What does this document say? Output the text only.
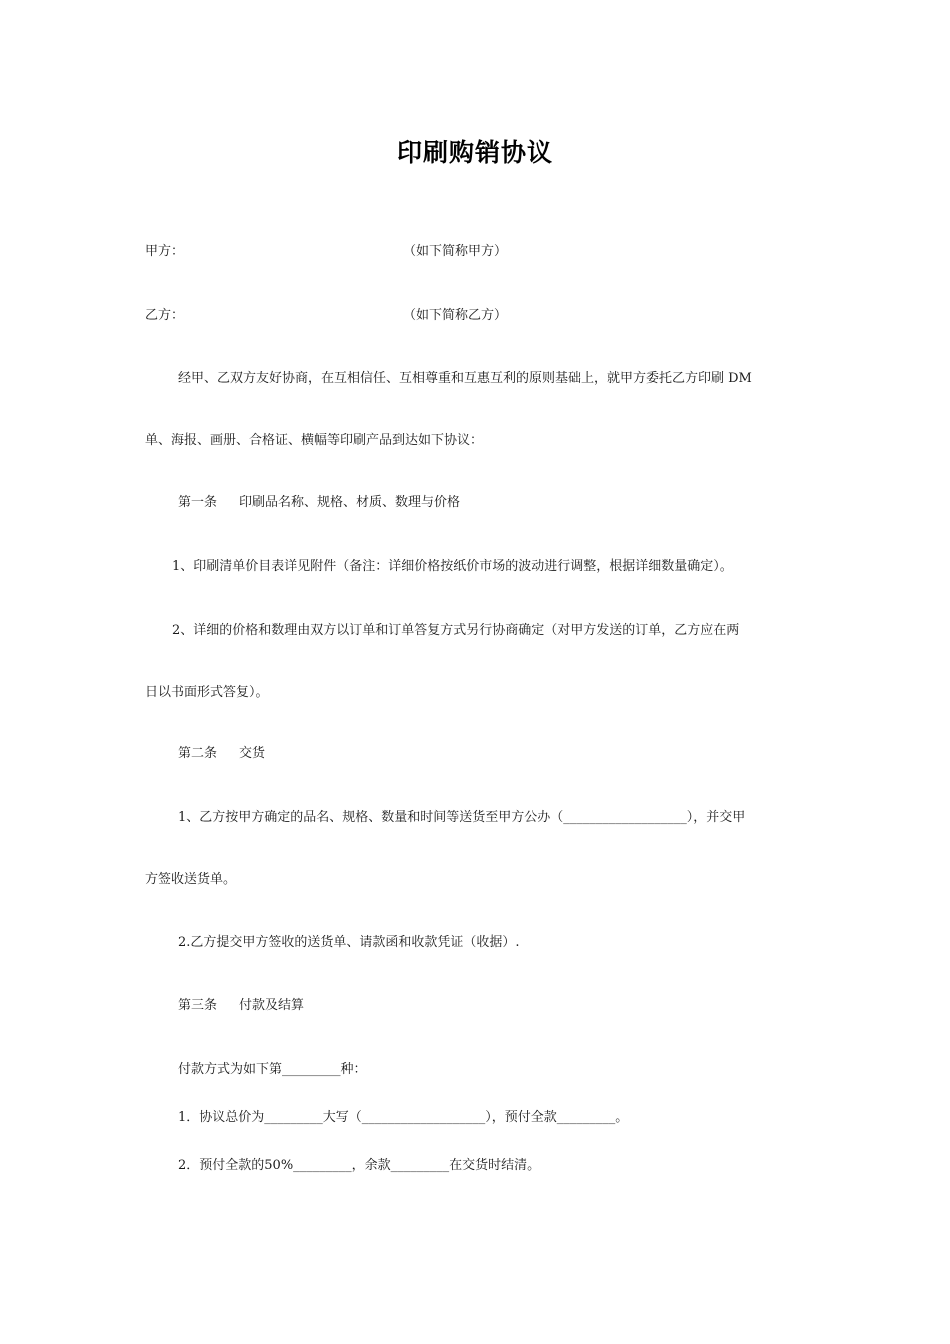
印刷购销协议
甲方：	（如下简称甲方）
乙方：	（如下简称乙方）
经甲、乙双方友好协商，在互相信任、互相尊重和互惠互利的原则基础上，就甲方委托乙方印刷 DM
单、海报、画册、合格证、横幅等印刷产品到达如下协议：
第一条 印刷品名称、规格、材质、数理与价格
1、印刷清单价目表详见附件（备注：详细价格按纸价市场的波动进行调整，根据详细数量确定）。
2、详细的价格和数理由双方以订单和订单答复方式另行协商确定（对甲方发送的订单，乙方应在两
日以书面形式答复）。
第二条 交货
1、乙方按甲方确定的品名、规格、数量和时间等送货至甲方公办（___________________），并交甲
方签收送货单。
2.乙方提交甲方签收的送货单、请款函和收款凭证（收据）.
第三条 付款及结算
付款方式为如下第_________种：
1．协议总价为_________大写（___________________），预付全款_________。
2．预付全款的50%_________，余款_________在交货时结清。
